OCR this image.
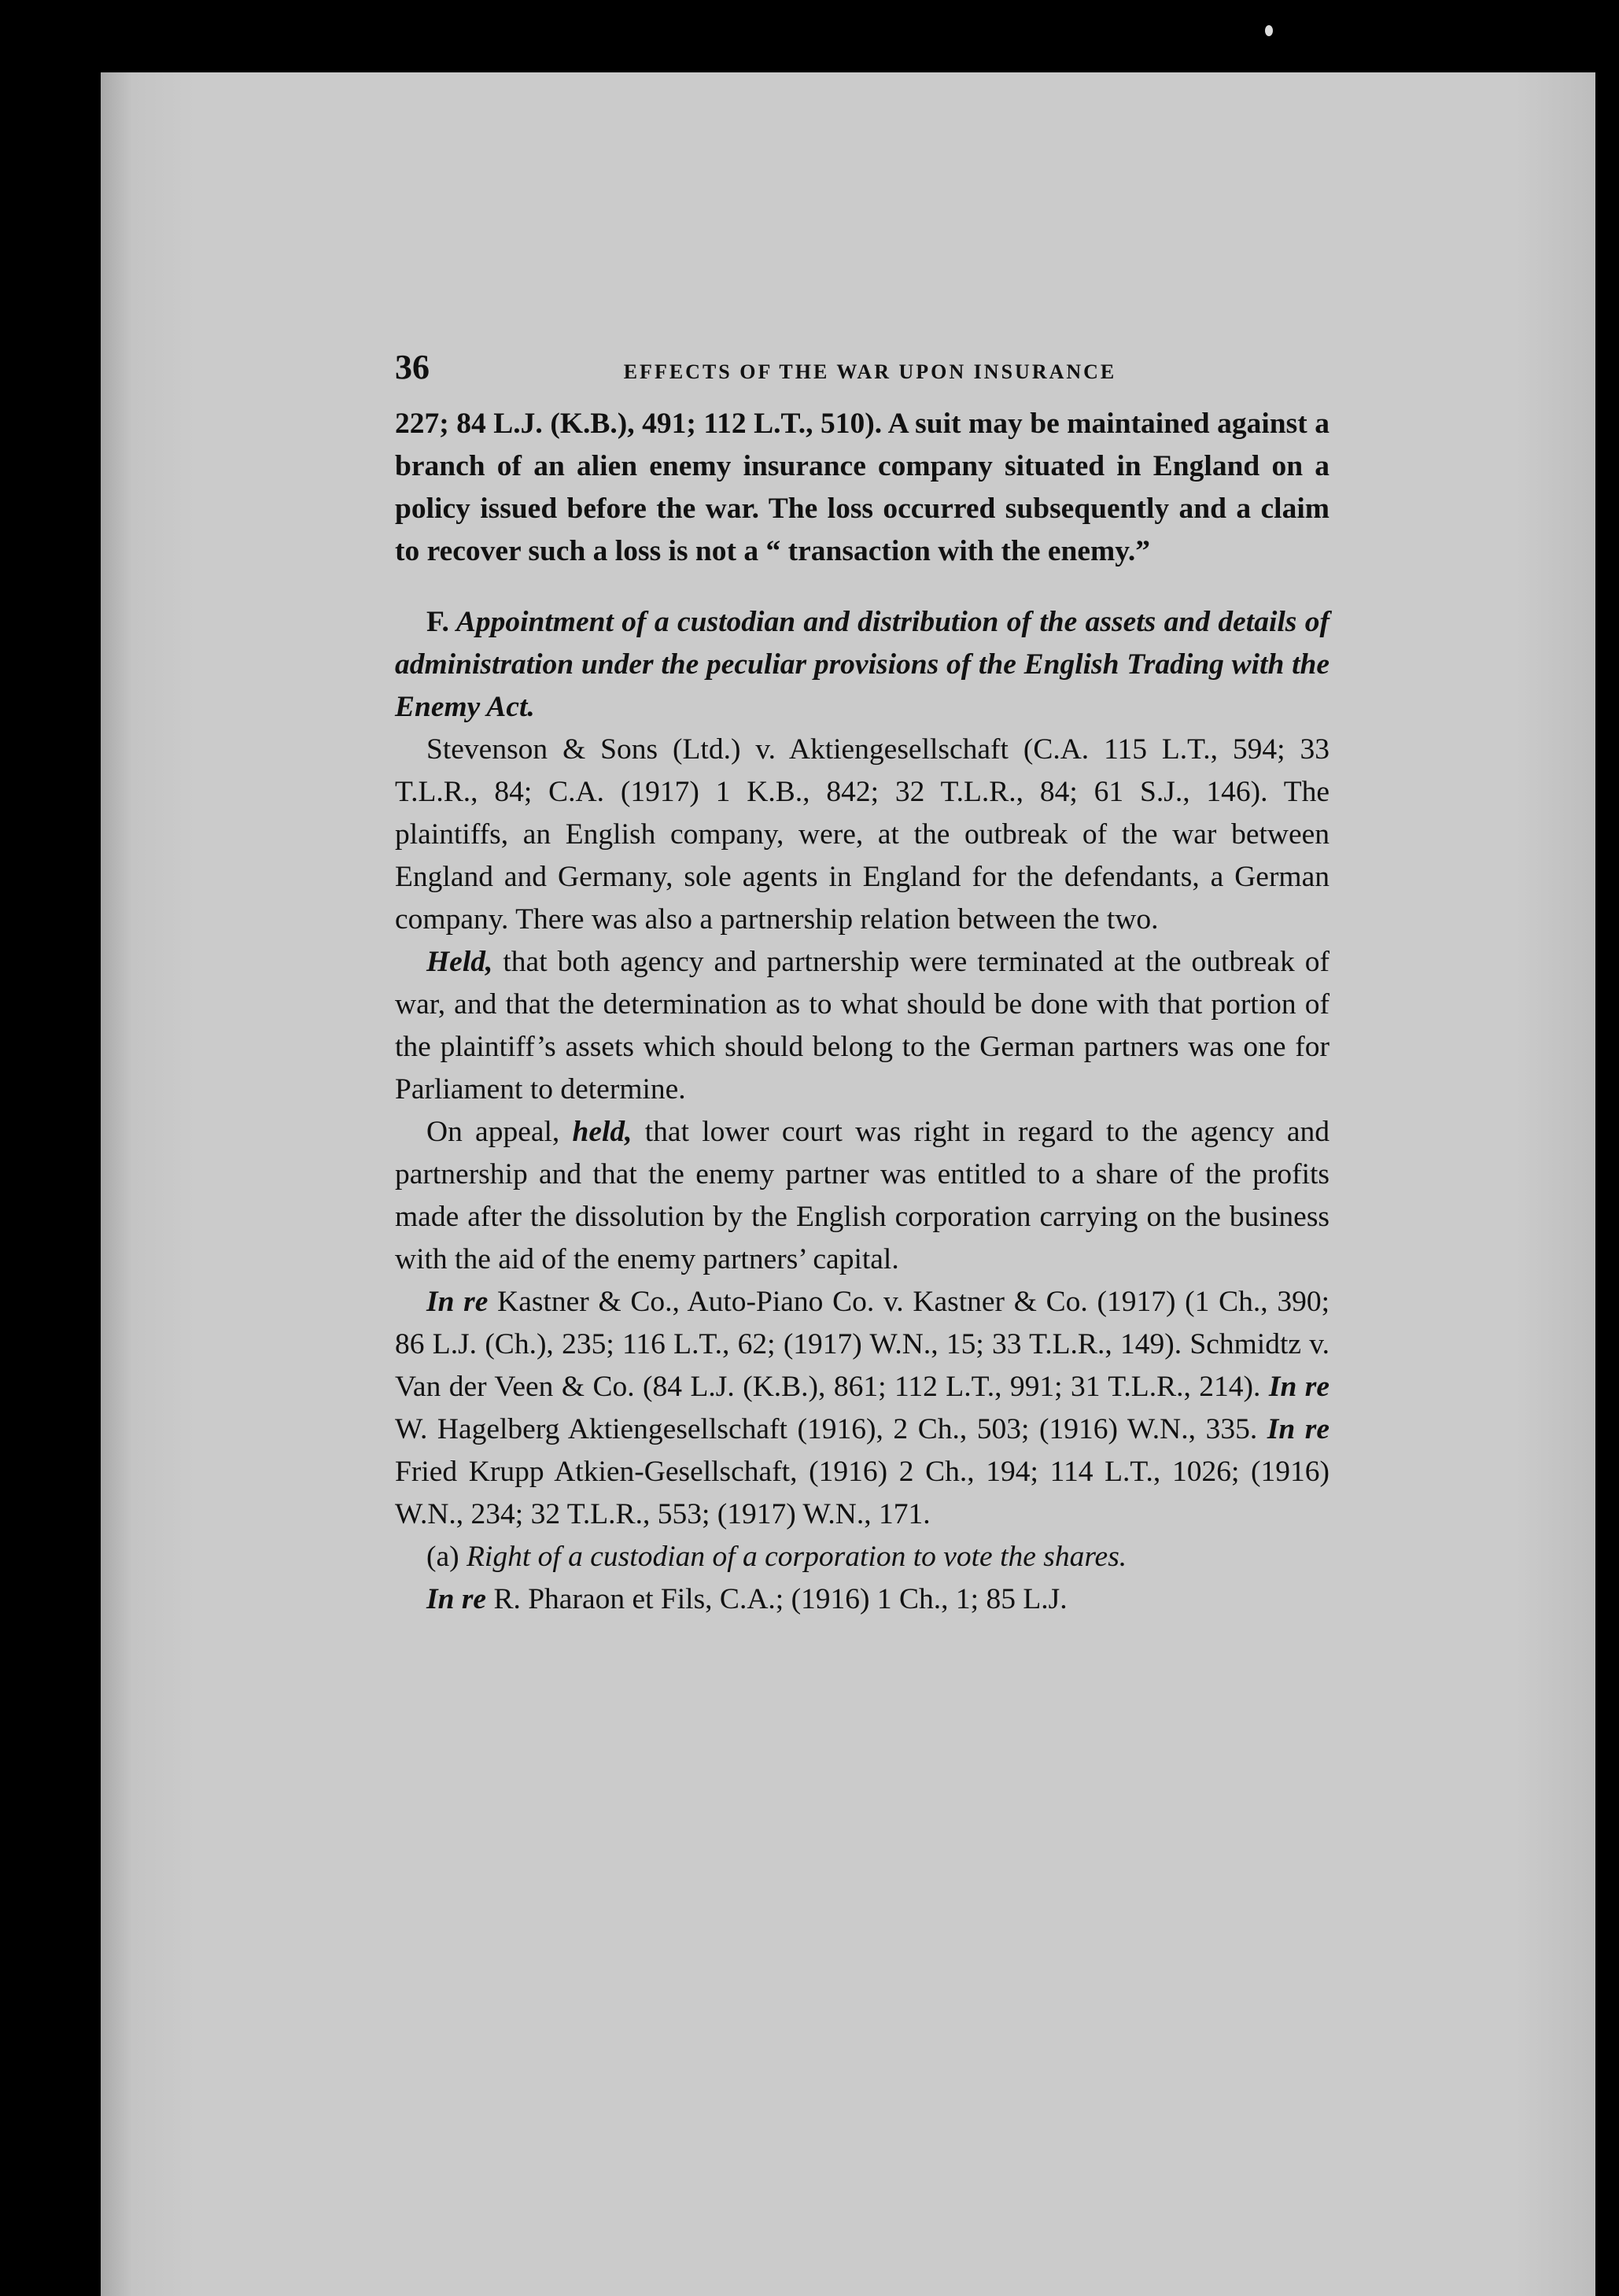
36	EFFECTS OF THE WAR UPON INSURANCE

227; 84 L.J. (K.B.), 491; 112 L.T., 510). A suit may be maintained against a branch of an alien enemy insurance company situated in England on a policy issued before the war. The loss occurred subsequently and a claim to recover such a loss is not a “ transaction with the enemy.”

F. Appointment of a custodian and distribution of the assets and details of administration under the peculiar provisions of the English Trading with the Enemy Act.

Stevenson & Sons (Ltd.) v. Aktiengesellschaft (C.A. 115 L.T., 594; 33 T.L.R., 84; C.A. (1917) 1 K.B., 842; 32 T.L.R., 84; 61 S.J., 146). The plaintiffs, an English company, were, at the outbreak of the war between England and Germany, sole agents in England for the defendants, a German company. There was also a partnership relation between the two.

Held, that both agency and partnership were terminated at the outbreak of war, and that the determination as to what should be done with that portion of the plaintiff’s assets which should belong to the German partners was one for Parliament to determine.

On appeal, held, that lower court was right in regard to the agency and partnership and that the enemy partner was entitled to a share of the profits made after the dissolution by the English corporation carrying on the business with the aid of the enemy partners’ capital.

In re Kastner & Co., Auto-Piano Co. v. Kastner & Co. (1917) (1 Ch., 390; 86 L.J. (Ch.), 235; 116 L.T., 62; (1917) W.N., 15; 33 T.L.R., 149). Schmidtz v. Van der Veen & Co. (84 L.J. (K.B.), 861; 112 L.T., 991; 31 T.L.R., 214). In re W. Hagelberg Aktiengesellschaft (1916), 2 Ch., 503; (1916) W.N., 335. In re Fried Krupp Atkien-Gesellschaft, (1916) 2 Ch., 194; 114 L.T., 1026; (1916) W.N., 234; 32 T.L.R., 553; (1917) W.N., 171.

(a) Right of a custodian of a corporation to vote the shares.

In re R. Pharaon et Fils, C.A.; (1916) 1 Ch., 1; 85 L.J.
